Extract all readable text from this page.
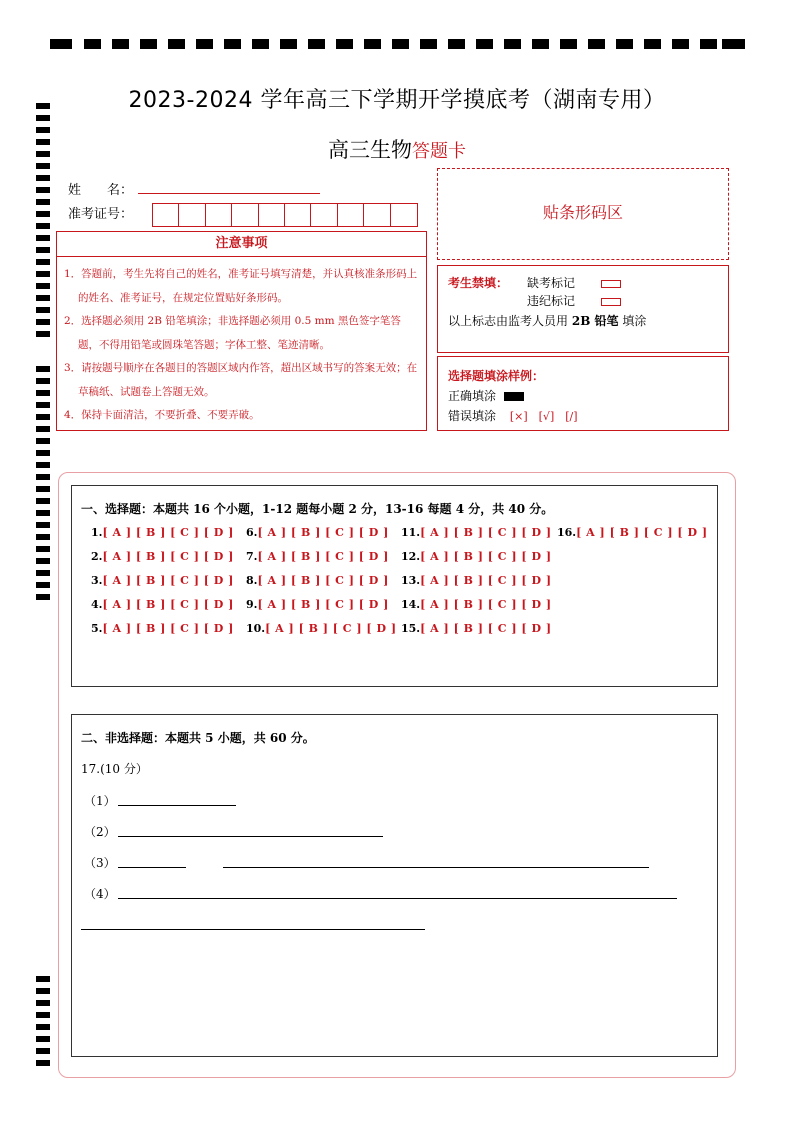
2023-2024 学年高三下学期开学摸底考（湖南专用）
高三生物答题卡
姓　　名：
准考证号：
注意事项
1．答题前，考生先将自己的姓名，准考证号填写清楚，并认真核准条形码上的姓名、准考证号，在规定位置贴好条形码。
2．选择题必须用 2B 铅笔填涂；非选择题必须用 0.5 mm 黑色签字笔答题，不得用铅笔或圆珠笔答题；字体工整、笔迹清晰。
3．请按题号顺序在各题目的答题区域内作答，超出区域书写的答案无效；在草稿纸、试题卷上答题无效。
4．保持卡面清洁，不要折叠、不要弄破。
贴条形码区
考生禁填： 缺考标记
违纪标记
以上标志由监考人员用 2B 铅笔 填涂
选择题填涂样例：
正确填涂
错误填涂 [×]　[√]　[/]
一、选择题：本题共 16 个小题，1-12 题每小题 2 分，13-16 每题 4 分，共 40 分。
1.[ A ] [ B ] [ C ] [ D ]
2.[ A ] [ B ] [ C ] [ D ]
3.[ A ] [ B ] [ C ] [ D ]
4.[ A ] [ B ] [ C ] [ D ]
5.[ A ] [ B ] [ C ] [ D ]
6.[ A ] [ B ] [ C ] [ D ]
7.[ A ] [ B ] [ C ] [ D ]
8.[ A ] [ B ] [ C ] [ D ]
9.[ A ] [ B ] [ C ] [ D ]
10.[ A ] [ B ] [ C ] [ D ]
11.[ A ] [ B ] [ C ] [ D ]
12.[ A ] [ B ] [ C ] [ D ]
13.[ A ] [ B ] [ C ] [ D ]
14.[ A ] [ B ] [ C ] [ D ]
15.[ A ] [ B ] [ C ] [ D ]
16.[ A ] [ B ] [ C ] [ D ]
二、非选择题：本题共 5 小题，共 60 分。
17.(10 分）
（1）
（2）
（3）
（4）
